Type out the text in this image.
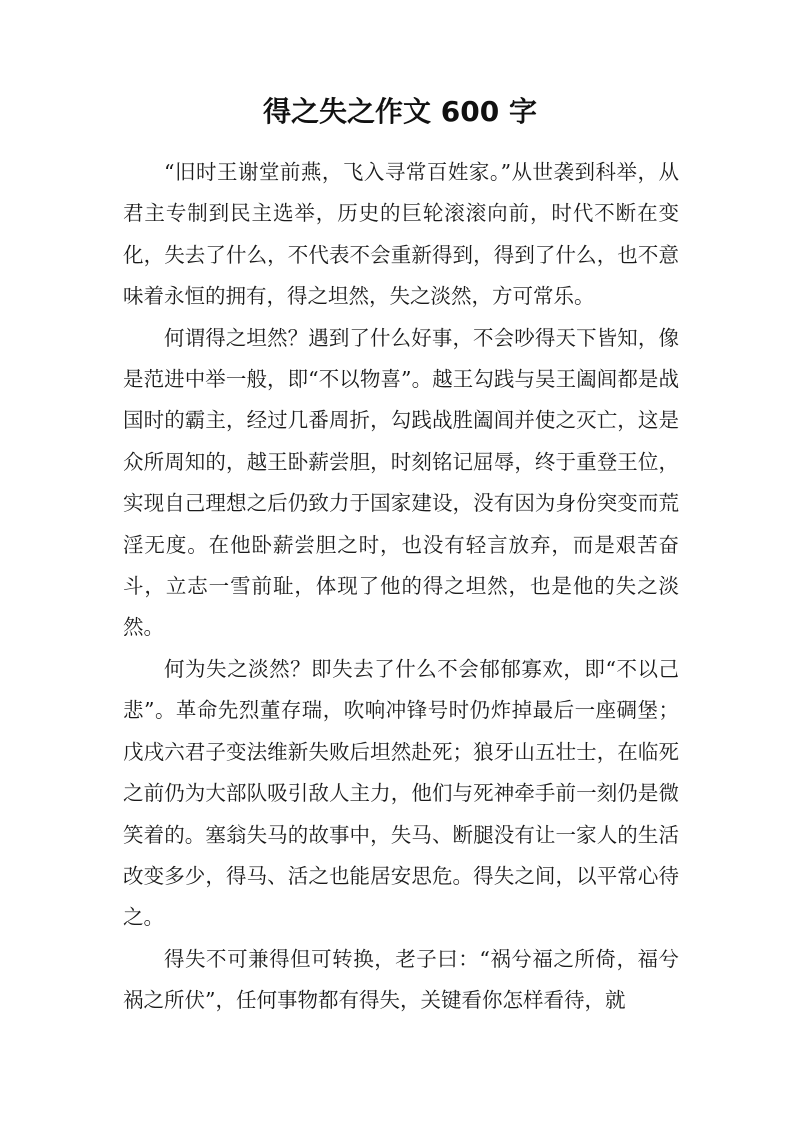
得之失之作文 600 字

“旧时王谢堂前燕，飞入寻常百姓家。”从世袭到科举，从君主专制到民主选举，历史的巨轮滚滚向前，时代不断在变化，失去了什么，不代表不会重新得到，得到了什么，也不意味着永恒的拥有，得之坦然，失之淡然，方可常乐。

何谓得之坦然？遇到了什么好事，不会吵得天下皆知，像是范进中举一般，即“不以物喜”。越王勾践与吴王阖闾都是战国时的霸主，经过几番周折，勾践战胜阖闾并使之灭亡，这是众所周知的，越王卧薪尝胆，时刻铭记屈辱，终于重登王位，实现自己理想之后仍致力于国家建设，没有因为身份突变而荒淫无度。在他卧薪尝胆之时，也没有轻言放弃，而是艰苦奋斗，立志一雪前耻，体现了他的得之坦然，也是他的失之淡然。

何为失之淡然？即失去了什么不会郁郁寡欢，即“不以己悲”。革命先烈董存瑞，吹响冲锋号时仍炸掉最后一座碉堡；戊戌六君子变法维新失败后坦然赴死；狼牙山五壮士，在临死之前仍为大部队吸引敌人主力，他们与死神牵手前一刻仍是微笑着的。塞翁失马的故事中，失马、断腿没有让一家人的生活改变多少，得马、活之也能居安思危。得失之间，以平常心待之。

得失不可兼得但可转换，老子曰：“祸兮福之所倚，福兮祸之所伏”，任何事物都有得失，关键看你怎样看待，就
